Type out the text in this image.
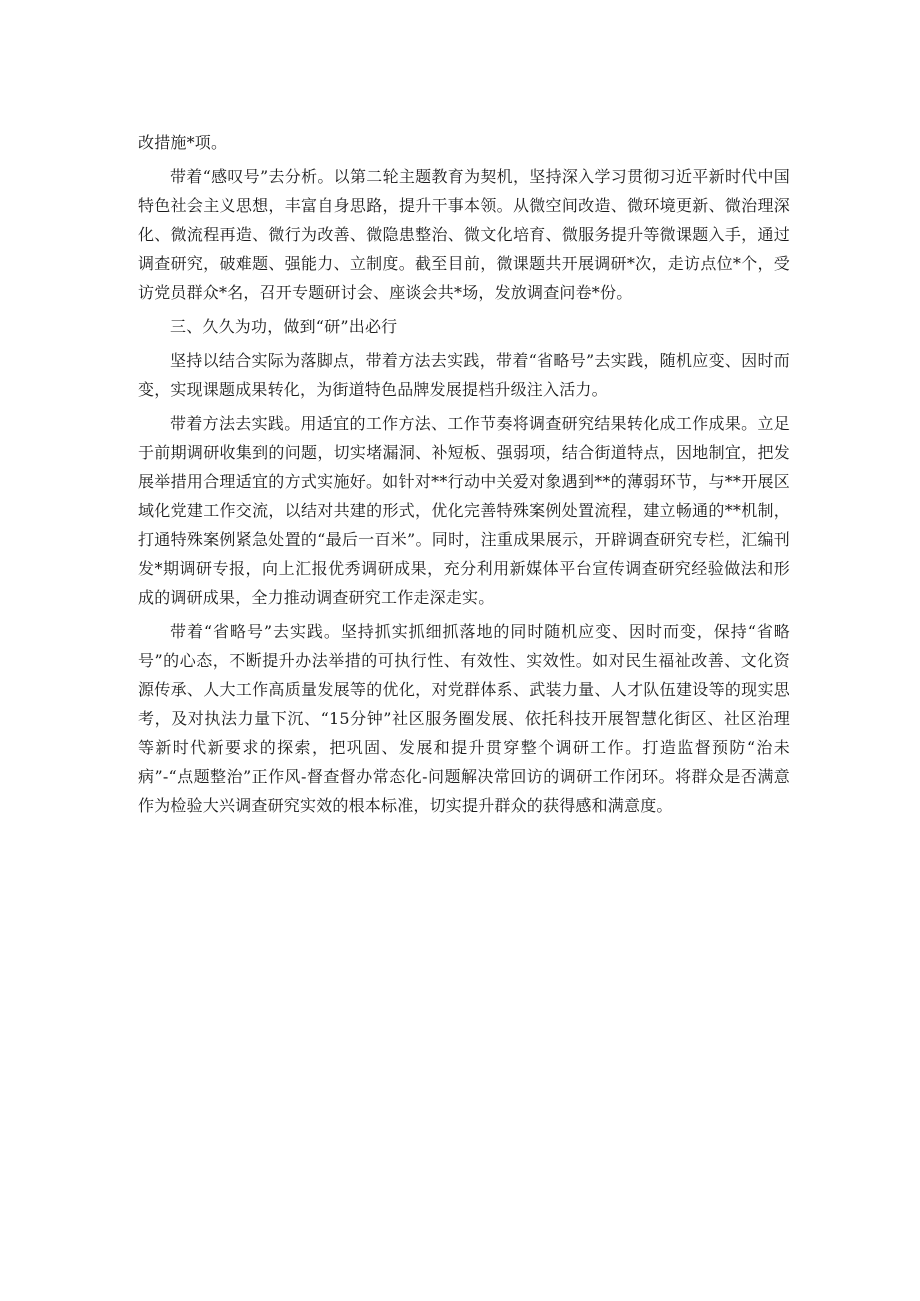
改措施*项。

带着“感叹号”去分析。以第二轮主题教育为契机，坚持深入学习贯彻习近平新时代中国特色社会主义思想，丰富自身思路，提升干事本领。从微空间改造、微环境更新、微治理深化、微流程再造、微行为改善、微隐患整治、微文化培育、微服务提升等微课题入手，通过调查研究，破难题、强能力、立制度。截至目前，微课题共开展调研*次，走访点位*个，受访党员群众*名，召开专题研讨会、座谈会共*场，发放调查问卷*份。

三、久久为功，做到“研”出必行

坚持以结合实际为落脚点，带着方法去实践，带着“省略号”去实践，随机应变、因时而变，实现课题成果转化，为街道特色品牌发展提档升级注入活力。

带着方法去实践。用适宜的工作方法、工作节奏将调查研究结果转化成工作成果。立足于前期调研收集到的问题，切实堵漏洞、补短板、强弱项，结合街道特点，因地制宜，把发展举措用合理适宜的方式实施好。如针对**行动中关爱对象遇到**的薄弱环节，与**开展区域化党建工作交流，以结对共建的形式，优化完善特殊案例处置流程，建立畅通的**机制，打通特殊案例紧急处置的“最后一百米”。同时，注重成果展示，开辟调查研究专栏，汇编刊发*期调研专报，向上汇报优秀调研成果，充分利用新媒体平台宣传调查研究经验做法和形成的调研成果，全力推动调查研究工作走深走实。

带着“省略号”去实践。坚持抓实抓细抓落地的同时随机应变、因时而变，保持“省略号”的心态，不断提升办法举措的可执行性、有效性、实效性。如对民生福祉改善、文化资源传承、人大工作高质量发展等的优化，对党群体系、武装力量、人才队伍建设等的现实思考，及对执法力量下沉、“15分钟”社区服务圈发展、依托科技开展智慧化街区、社区治理等新时代新要求的探索，把巩固、发展和提升贯穿整个调研工作。打造监督预防“治未病”-“点题整治”正作风-督查督办常态化-问题解决常回访的调研工作闭环。将群众是否满意作为检验大兴调查研究实效的根本标准，切实提升群众的获得感和满意度。
